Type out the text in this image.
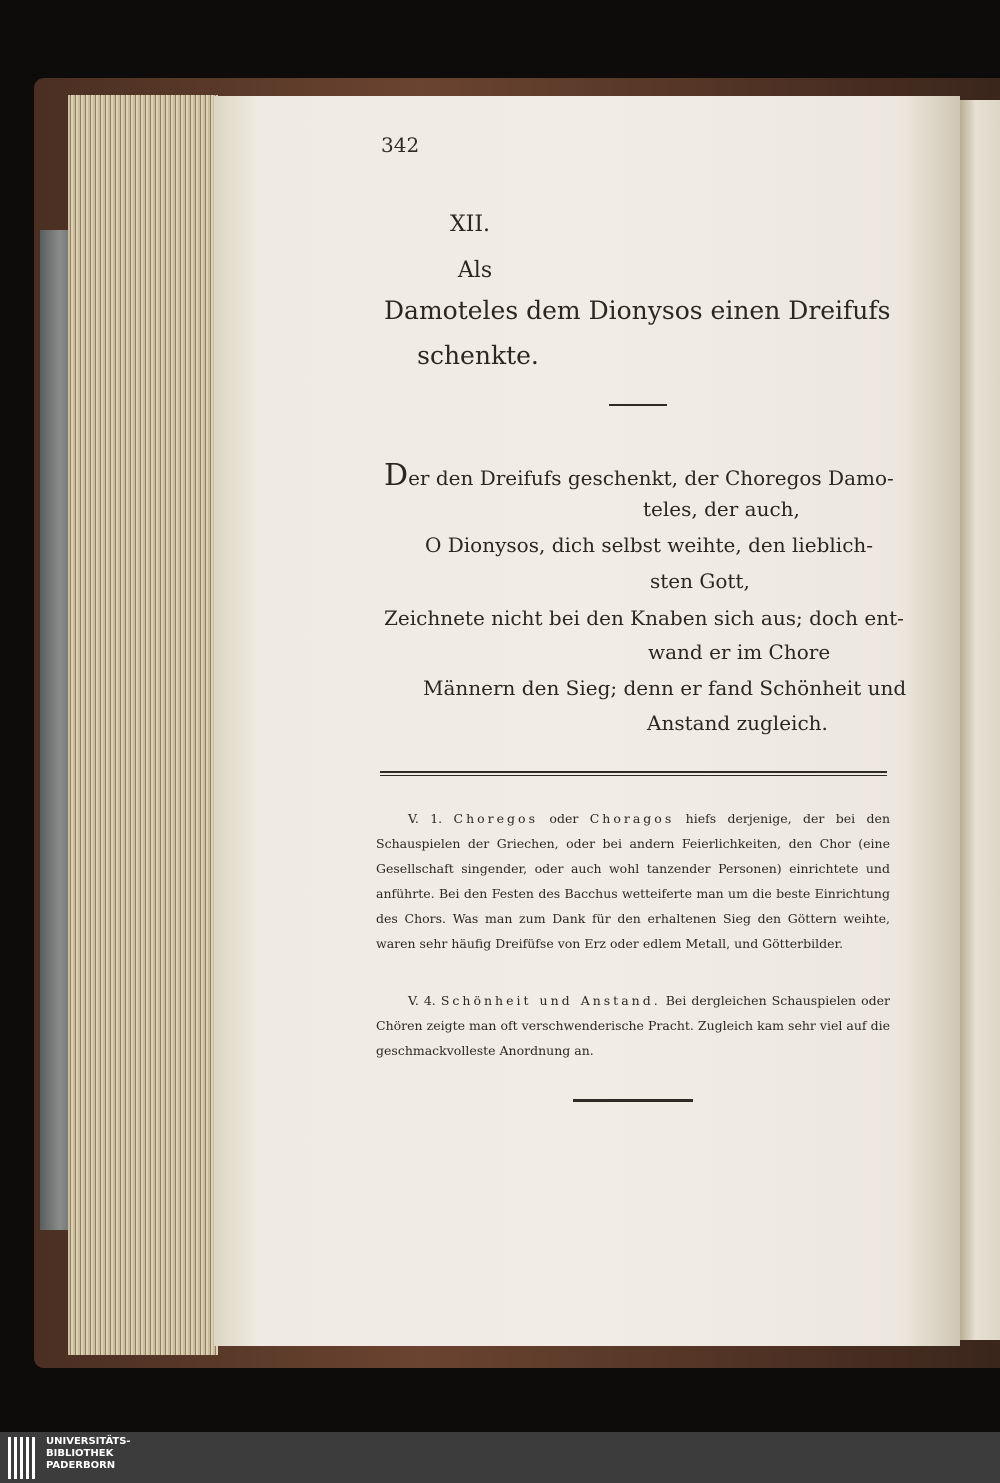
342
XII.
Als
Damoteles dem Dionysos einen Dreifufs
schenkte.
Der den Dreifufs geschenkt, der Choregos Damo-
teles, der auch,
O Dionysos, dich selbst weihte, den lieblich-
sten Gott,
Zeichnete nicht bei den Knaben sich aus; doch ent-
wand er im Chore
Männern den Sieg; denn er fand Schönheit und
Anstand zugleich.
V. 1. Choregos oder Choragos hiefs derjenige, der bei den Schauspielen der Griechen, oder bei andern Feierlichkeiten, den Chor (eine Gesellschaft singender, oder auch wohl tanzender Personen) einrichtete und anführte. Bei den Festen des Bacchus wetteiferte man um die beste Einrichtung des Chors. Was man zum Dank für den erhaltenen Sieg den Göttern weihte, waren sehr häufig Dreifüfse von Erz oder edlem Metall, und Götterbilder.
V. 4. Schönheit und Anstand. Bei dergleichen Schauspielen oder Chören zeigte man oft verschwenderische Pracht. Zugleich kam sehr viel auf die geschmackvolleste Anordnung an.
UNIVERSITÄTS-
BIBLIOTHEK
PADERBORN
